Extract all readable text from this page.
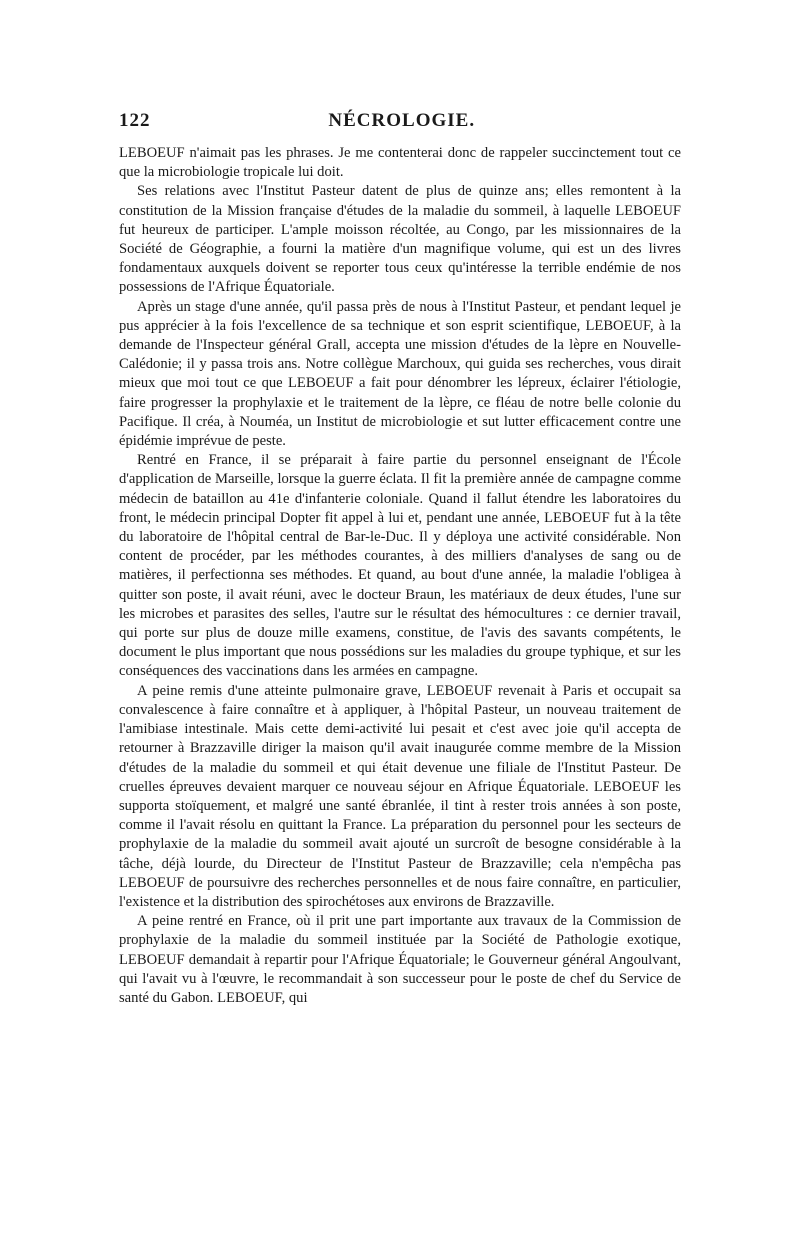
122	NÉCROLOGIE.

LEBOEUF n'aimait pas les phrases. Je me contenterai donc de rappeler succinctement tout ce que la microbiologie tropicale lui doit.

Ses relations avec l'Institut Pasteur datent de plus de quinze ans; elles remontent à la constitution de la Mission française d'études de la maladie du sommeil, à laquelle LEBOEUF fut heureux de participer. L'ample moisson récoltée, au Congo, par les missionnaires de la Société de Géographie, a fourni la matière d'un magnifique volume, qui est un des livres fondamentaux auxquels doivent se reporter tous ceux qu'intéresse la terrible endémie de nos possessions de l'Afrique Équatoriale.

Après un stage d'une année, qu'il passa près de nous à l'Institut Pasteur, et pendant lequel je pus apprécier à la fois l'excellence de sa technique et son esprit scientifique, LEBOEUF, à la demande de l'Inspecteur général Grall, accepta une mission d'études de la lèpre en Nouvelle-Calédonie; il y passa trois ans. Notre collègue Marchoux, qui guida ses recherches, vous dirait mieux que moi tout ce que LEBOEUF a fait pour dénombrer les lépreux, éclairer l'étiologie, faire progresser la prophylaxie et le traitement de la lèpre, ce fléau de notre belle colonie du Pacifique. Il créa, à Nouméa, un Institut de microbiologie et sut lutter efficacement contre une épidémie imprévue de peste.

Rentré en France, il se préparait à faire partie du personnel enseignant de l'École d'application de Marseille, lorsque la guerre éclata. Il fit la première année de campagne comme médecin de bataillon au 41e d'infanterie coloniale. Quand il fallut étendre les laboratoires du front, le médecin principal Dopter fit appel à lui et, pendant une année, LEBOEUF fut à la tête du laboratoire de l'hôpital central de Bar-le-Duc. Il y déploya une activité considérable. Non content de procéder, par les méthodes courantes, à des milliers d'analyses de sang ou de matières, il perfectionna ses méthodes. Et quand, au bout d'une année, la maladie l'obligea à quitter son poste, il avait réuni, avec le docteur Braun, les matériaux de deux études, l'une sur les microbes et parasites des selles, l'autre sur le résultat des hémocultures : ce dernier travail, qui porte sur plus de douze mille examens, constitue, de l'avis des savants compétents, le document le plus important que nous possédions sur les maladies du groupe typhique, et sur les conséquences des vaccinations dans les armées en campagne.

A peine remis d'une atteinte pulmonaire grave, LEBOEUF revenait à Paris et occupait sa convalescence à faire connaître et à appliquer, à l'hôpital Pasteur, un nouveau traitement de l'amibiase intestinale. Mais cette demi-activité lui pesait et c'est avec joie qu'il accepta de retourner à Brazzaville diriger la maison qu'il avait inaugurée comme membre de la Mission d'études de la maladie du sommeil et qui était devenue une filiale de l'Institut Pasteur. De cruelles épreuves devaient marquer ce nouveau séjour en Afrique Équatoriale. LEBOEUF les supporta stoïquement, et malgré une santé ébranlée, il tint à rester trois années à son poste, comme il l'avait résolu en quittant la France. La préparation du personnel pour les secteurs de prophylaxie de la maladie du sommeil avait ajouté un surcroît de besogne considérable à la tâche, déjà lourde, du Directeur de l'Institut Pasteur de Brazzaville; cela n'empêcha pas LEBOEUF de poursuivre des recherches personnelles et de nous faire connaître, en particulier, l'existence et la distribution des spirochétoses aux environs de Brazzaville.

A peine rentré en France, où il prit une part importante aux travaux de la Commission de prophylaxie de la maladie du sommeil instituée par la Société de Pathologie exotique, LEBOEUF demandait à repartir pour l'Afrique Équatoriale; le Gouverneur général Angoulvant, qui l'avait vu à l'œuvre, le recommandait à son successeur pour le poste de chef du Service de santé du Gabon. LEBOEUF, qui
